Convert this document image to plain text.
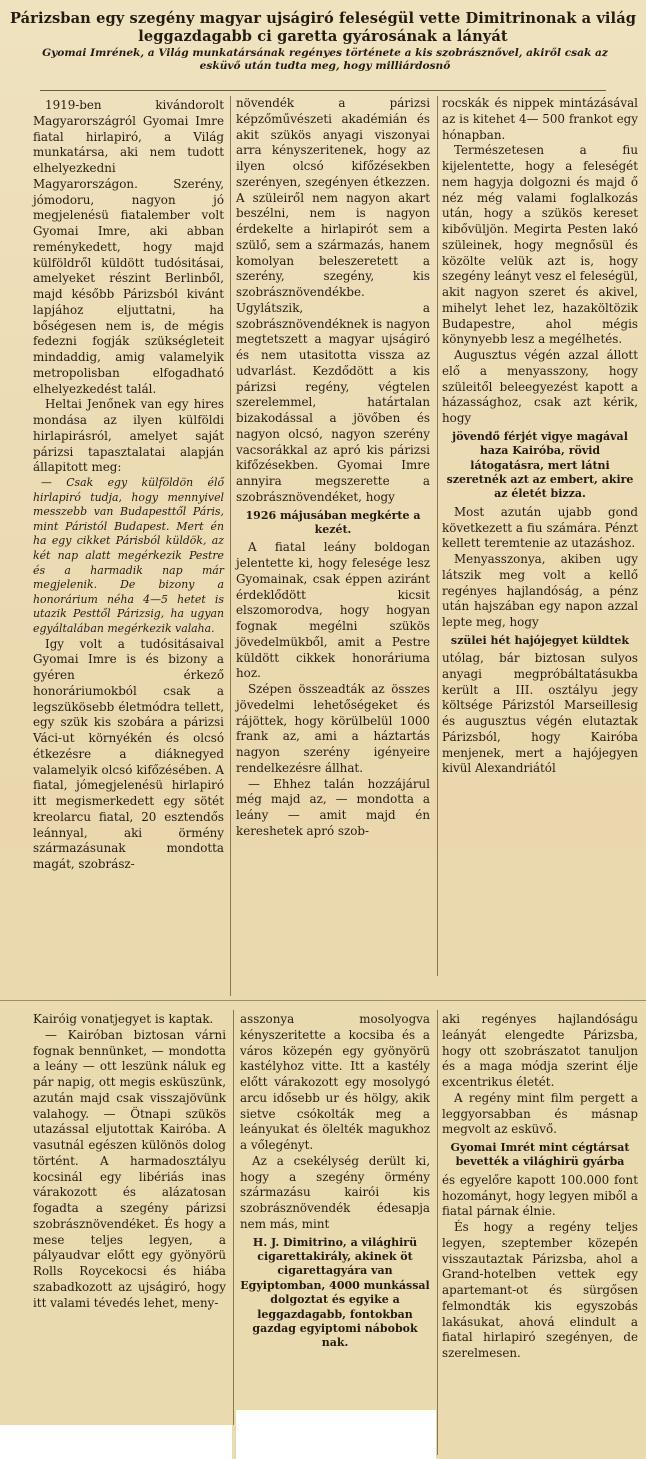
Párizsban egy szegény magyar ujságiró feleségül vette Dimitrinonak a világ leggazdagabb ci garetta gyárosának a lányát

Gyomai Imrének, a Világ munkatársának regényes története a kis szobrásznővel, akiről csak az esküvő után tudta meg, hogy milliárdosnő

1919-ben kivándorolt Magyarországról Gyomai Imre fiatal hirlapiró, a Világ munkatársa, aki nem tudott elhelyezkedni Magyarországon. Szerény, jómodoru, nagyon jó megjelenésü fiatalember volt Gyomai Imre, aki abban reménykedett, hogy majd külföldről küldött tudósitásai, amelyeket részint Berlinből, majd később Párizsból kivánt lapjához eljuttatni, ha bőségesen nem is, de mégis fedezni fogják szükségleteit mindaddig, amig valamelyik metropolisban elfogadható elhelyezkedést talál.

Heltai Jenőnek van egy hires mondása az ilyen külföldi hirlapirásról, amelyet saját párizsi tapasztalatai alapján állapitott meg:

— Csak egy külföldön élő hirlapiró tudja, hogy mennyivel messzebb van Budapesttől Páris, mint Páristól Budapest. Mert én ha egy cikket Párisból küldök, az két nap alatt megérkezik Pestre és a harmadik nap már megjelenik. De bizony a honorárium néha 4—5 hetet is utazik Pesttől Párizsig, ha ugyan egyáltalában megérkezik valaha.

Igy volt a tudósitásaival Gyomai Imre is és bizony a gyéren érkező honoráriumokból csak a legszükösebb életmódra tellett, egy szük kis szobára a párizsi Váci-ut környékén és olcsó étkezésre a diáknegyed valamelyik olcsó kifőzésében. A fiatal, jómegjelenésü hirlapiró itt megismerkedett egy sötét kreolarcu fiatal, 20 esztendős leánnyal, aki örmény származásunak mondotta magát, szobrász-

növendék a párizsi képzőművészeti akadémián és akit szükös anyagi viszonyai arra kényszeritenek, hogy az ilyen olcsó kifőzésekben szerényen, szegényen étkezzen. A szüleiről nem nagyon akart beszélni, nem is nagyon érdekelte a hirlapirót sem a szülő, sem a származás, hanem komolyan beleszeretett a szerény, szegény, kis szobrásznövendékbe. Ugylátszik, a szobrásznövendéknek is nagyon megtetszett a magyar ujságiró és nem utasitotta vissza az udvarlást. Kezdődött a kis párizsi regény, végtelen szerelemmel, határtalan bizakodással a jövőben és nagyon olcsó, nagyon szerény vacsorákkal az apró kis párizsi kifőzésekben. Gyomai Imre annyira megszerette a szobrásznövendéket, hogy

1926 májusában megkérte a kezét.

A fiatal leány boldogan jelentette ki, hogy felesége lesz Gyomainak, csak éppen aziránt érdeklődött kicsit elszomorodva, hogy hogyan fognak megélni szükös jövedelmükből, amit a Pestre küldött cikkek honoráriuma hoz.

Szépen összeadták az összes jövedelmi lehetőségeket és rájöttek, hogy körülbelül 1000 frank az, ami a háztartás nagyon szerény igényeire rendelkezésre állhat.

— Ehhez talán hozzájárul még majd az, — mondotta a leány — amit majd én kereshetek apró szob-

rocskák és nippek mintázásával az is kitehet 4— 500 frankot egy hónapban.

Természetesen a fiu kijelentette, hogy a feleségét nem hagyja dolgozni és majd ő néz még valami foglalkozás után, hogy a szükös kereset kibővüljön. Megirta Pesten lakó szüleinek, hogy megnősül és közölte velük azt is, hogy szegény leányt vesz el feleségül, akit nagyon szeret és akivel, mihelyt lehet lez, hazaköltözik Budapestre, ahol mégis könynyebb lesz a megélhetés.

Augusztus végén azzal állott elő a menyasszony, hogy szüleitől beleegyezést kapott a házassághoz, csak azt kérik, hogy

jövendő férjét vigye magával haza Kairóba, rövid látogatásra, mert látni szeretnék azt az embert, akire az életét bizza.

Most azután ujabb gond következett a fiu számára. Pénzt kellett teremtenie az utazáshoz.

Menyasszonya, akiben ugy látszik meg volt a kellő regényes hajlandóság, a pénz után hajszában egy napon azzal lepte meg, hogy

szülei hét hajójegyet küldtek

utólag, bár biztosan sulyos anyagi megpróbáltatásukba került a III. osztályu jegy költsége Párizstól Marseillesig és augusztus végén elutaztak Párizsból, hogy Kairóba menjenek, mert a hajójegyen kivül Alexandriától

Kairóig vonatjegyet is kaptak.

— Kairóban biztosan várni fognak bennünket, — mondotta a leány — ott leszünk náluk eg pár napig, ott megis esküszünk, azután majd csak visszajövünk valahogy. — Ötnapi szükös utazással eljutottak Kairóba. A vasutnál egészen különös dolog történt. A harmadosztályu kocsinál egy libériás inas várakozott és alázatosan fogadta a szegény párizsi szobrásznövendéket. És hogy a mese teljes legyen, a pályaudvar előtt egy gyönyörü Rolls Roycekocsi és hiába szabadkozott az ujságiró, hogy itt valami tévedés lehet, meny-

asszonya mosolyogva kényszeritette a kocsiba és a város közepén egy gyönyörü kastélyhoz vitte. Itt a kastély előtt várakozott egy mosolygó arcu idősebb ur és hölgy, akik sietve csókolták meg a leányukat és ölelték magukhoz a vőlegényt.

Az a csekélység derült ki, hogy a szegény örmény származásu kairói kis szobrásznövendék édesapja nem más, mint

H. J. Dimitrino, a világhirü cigarettakirály, akinek öt cigarettagyára van Egyiptomban, 4000 munkással dolgoztat és egyike a leggazdagabb, fontokban gazdag egyiptomi nábobok nak.

aki regényes hajlandóságu leányát elengedte Párizsba, hogy ott szobrászatot tanuljon és a maga módja szerint élje excentrikus életét.

A regény mint film pergett a leggyorsabban és másnap megvolt az esküvő.

Gyomai Imrét mint cégtársat bevették a világhirü gyárba

és egyelőre kapott 100.000 font hozományt, hogy legyen miből a fiatal párnak élnie.

És hogy a regény teljes legyen, szeptember közepén visszautaztak Párizsba, ahol a Grand-hotelben vettek egy apartemant-ot és sürgősen felmondták kis egyszobás lakásukat, ahová elindult a fiatal hirlapiró szegényen, de szerelmesen.
